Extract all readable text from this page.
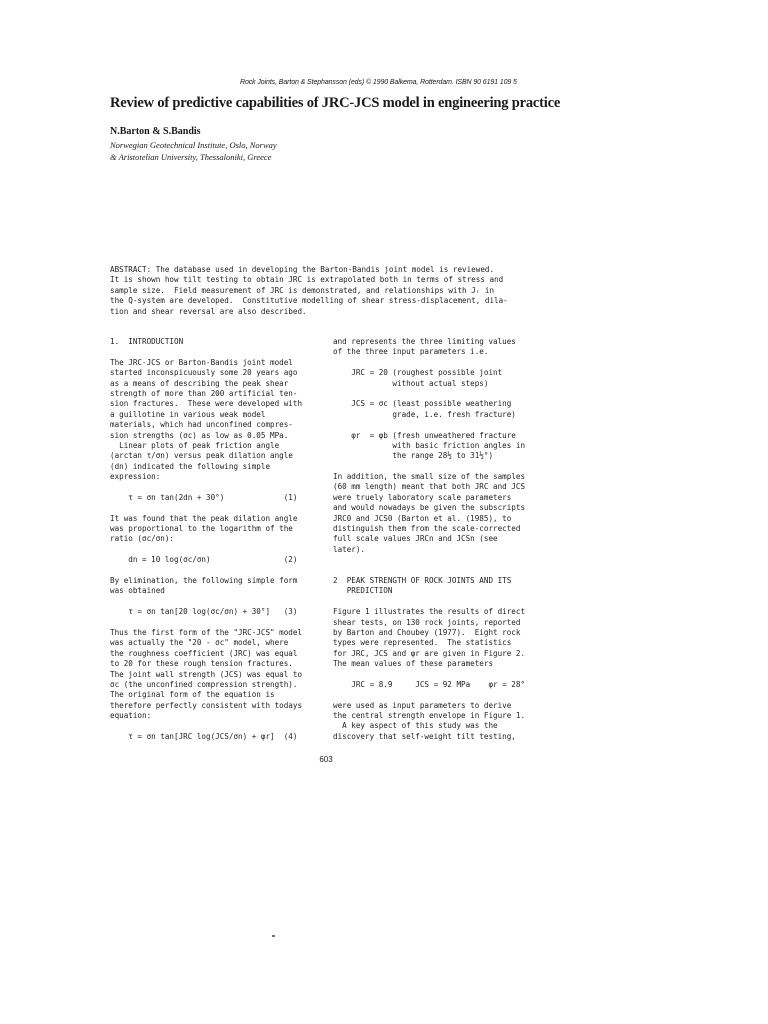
Rock Joints, Barton & Stephansson (eds) © 1990 Balkema, Rotterdam. ISBN 90 6191 109 5
Review of predictive capabilities of JRC-JCS model in engineering practice
N.Barton & S.Bandis
Norwegian Geotechnical Institute, Oslo, Norway
& Aristotelian University, Thessaloniki, Greece
ABSTRACT: The database used in developing the Barton-Bandis joint model is reviewed.
It is shown how tilt testing to obtain JRC is extrapolated both in terms of stress and
sample size.  Field measurement of JRC is demonstrated, and relationships with Jᵣ in
the Q-system are developed.  Constitutive modelling of shear stress-displacement, dila-
tion and shear reversal are also described.
1.  INTRODUCTION
The JRC-JCS or Barton-Bandis joint model
started inconspicuously some 20 years ago
as a means of describing the peak shear
strength of more than 200 artificial ten-
sion fractures.  These were developed with
a guillotine in various weak model
materials, which had unconfined compres-
sion strengths (σc) as low as 0.05 MPa.
Linear plots of peak friction angle
(arctan τ/σn) versus peak dilation angle
(dn) indicated the following simple
expression:
τ = σn tan(2dn + 30°)             (1)
It was found that the peak dilation angle
was proportional to the logarithm of the
ratio (σc/σn):
dn = 10 log(σc/σn)                (2)
By elimination, the following simple form
was obtained
τ = σn tan[20 log(σc/σn) + 30°]   (3)
Thus the first form of the "JRC-JCS" model
was actually the "20 - σc" model, where
the roughness coefficient (JRC) was equal
to 20 for these rough tension fractures.
The joint wall strength (JCS) was equal to
σc (the unconfined compression strength).
The original form of the equation is
therefore perfectly consistent with todays
equation:
τ = σn tan[JRC log(JCS/σn) + φr]  (4)
and represents the three limiting values
of the three input parameters i.e.
JRC = 20 (roughest possible joint
without actual steps)
JCS = σc (least possible weathering
grade, i.e. fresh fracture)
φr  = φb (fresh unweathered fracture
with basic friction angles in
the range 28½ to 31½°)
In addition, the small size of the samples
(60 mm length) meant that both JRC and JCS
were truely laboratory scale parameters
and would nowadays be given the subscripts
JRC0 and JCS0 (Barton et al. (1985), to
distinguish them from the scale-corrected
full scale values JRCn and JCSn (see
later).
2  PEAK STRENGTH OF ROCK JOINTS AND ITS
PREDICTION
Figure 1 illustrates the results of direct
shear tests, on 130 rock joints, reported
by Barton and Choubey (1977).  Eight rock
types were represented.  The statistics
for JRC, JCS and φr are given in Figure 2.
The mean values of these parameters
JRC = 8.9     JCS = 92 MPa    φr = 28°
were used as input parameters to derive
the central strength envelope in Figure 1.
A key aspect of this study was the
discovery that self-weight tilt testing,
603
